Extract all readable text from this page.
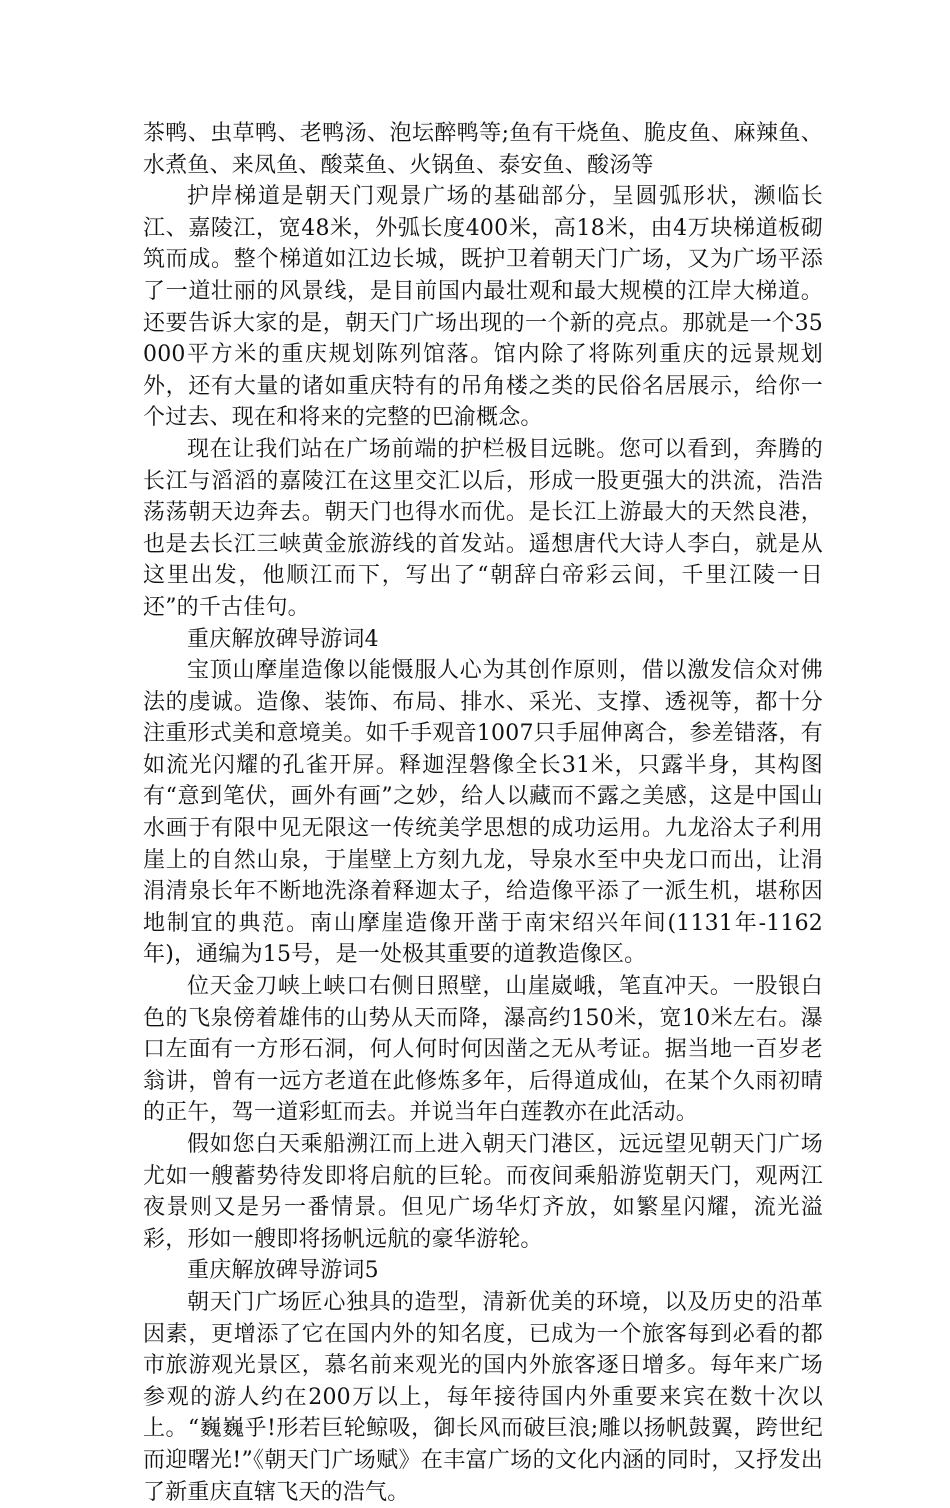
茶鸭、虫草鸭、老鸭汤、泡坛醉鸭等;鱼有干烧鱼、脆皮鱼、麻辣鱼、水煮鱼、来凤鱼、酸菜鱼、火锅鱼、泰安鱼、酸汤等

护岸梯道是朝天门观景广场的基础部分，呈圆弧形状，濒临长江、嘉陵江，宽48米，外弧长度400米，高18米，由4万块梯道板砌筑而成。整个梯道如江边长城，既护卫着朝天门广场，又为广场平添了一道壮丽的风景线，是目前国内最壮观和最大规模的江岸大梯道。还要告诉大家的是，朝天门广场出现的一个新的亮点。那就是一个35000平方米的重庆规划陈列馆落。馆内除了将陈列重庆的远景规划外，还有大量的诸如重庆特有的吊角楼之类的民俗名居展示，给你一个过去、现在和将来的完整的巴渝概念。

现在让我们站在广场前端的护栏极目远眺。您可以看到，奔腾的长江与滔滔的嘉陵江在这里交汇以后，形成一股更强大的洪流，浩浩荡荡朝天边奔去。朝天门也得水而优。是长江上游最大的天然良港，也是去长江三峡黄金旅游线的首发站。遥想唐代大诗人李白，就是从这里出发，他顺江而下，写出了“朝辞白帝彩云间，千里江陵一日还”的千古佳句。

重庆解放碑导游词4

宝顶山摩崖造像以能慑服人心为其创作原则，借以激发信众对佛法的虔诚。造像、装饰、布局、排水、采光、支撑、透视等，都十分注重形式美和意境美。如千手观音1007只手屈伸离合，参差错落，有如流光闪耀的孔雀开屏。释迦涅磐像全长31米，只露半身，其构图有“意到笔伏，画外有画”之妙，给人以藏而不露之美感，这是中国山水画于有限中见无限这一传统美学思想的成功运用。九龙浴太子利用崖上的自然山泉，于崖壁上方刻九龙，导泉水至中央龙口而出，让涓涓清泉长年不断地洗涤着释迦太子，给造像平添了一派生机，堪称因地制宜的典范。南山摩崖造像开凿于南宋绍兴年间(1131年-1162年)，通编为15号，是一处极其重要的道教造像区。

位天金刀峡上峡口右侧日照壁，山崖崴峨，笔直冲天。一股银白色的飞泉傍着雄伟的山势从天而降，瀑高约150米，宽10米左右。瀑口左面有一方形石洞，何人何时何因凿之无从考证。据当地一百岁老翁讲，曾有一远方老道在此修炼多年，后得道成仙，在某个久雨初晴的正午，驾一道彩虹而去。并说当年白莲教亦在此活动。

假如您白天乘船溯江而上进入朝天门港区，远远望见朝天门广场尤如一艘蓄势待发即将启航的巨轮。而夜间乘船游览朝天门，观两江夜景则又是另一番情景。但见广场华灯齐放，如繁星闪耀，流光溢彩，形如一艘即将扬帆远航的豪华游轮。

重庆解放碑导游词5

朝天门广场匠心独具的造型，清新优美的环境，以及历史的沿革因素，更增添了它在国内外的知名度，已成为一个旅客每到必看的都市旅游观光景区，慕名前来观光的国内外旅客逐日增多。每年来广场参观的游人约在200万以上，每年接待国内外重要来宾在数十次以上。“巍巍乎!形若巨轮鲸吸，御长风而破巨浪;雕以扬帆鼓翼，跨世纪而迎曙光!”《朝天门广场赋》在丰富广场的文化内涵的同时，又抒发出了新重庆直辖飞天的浩气。
